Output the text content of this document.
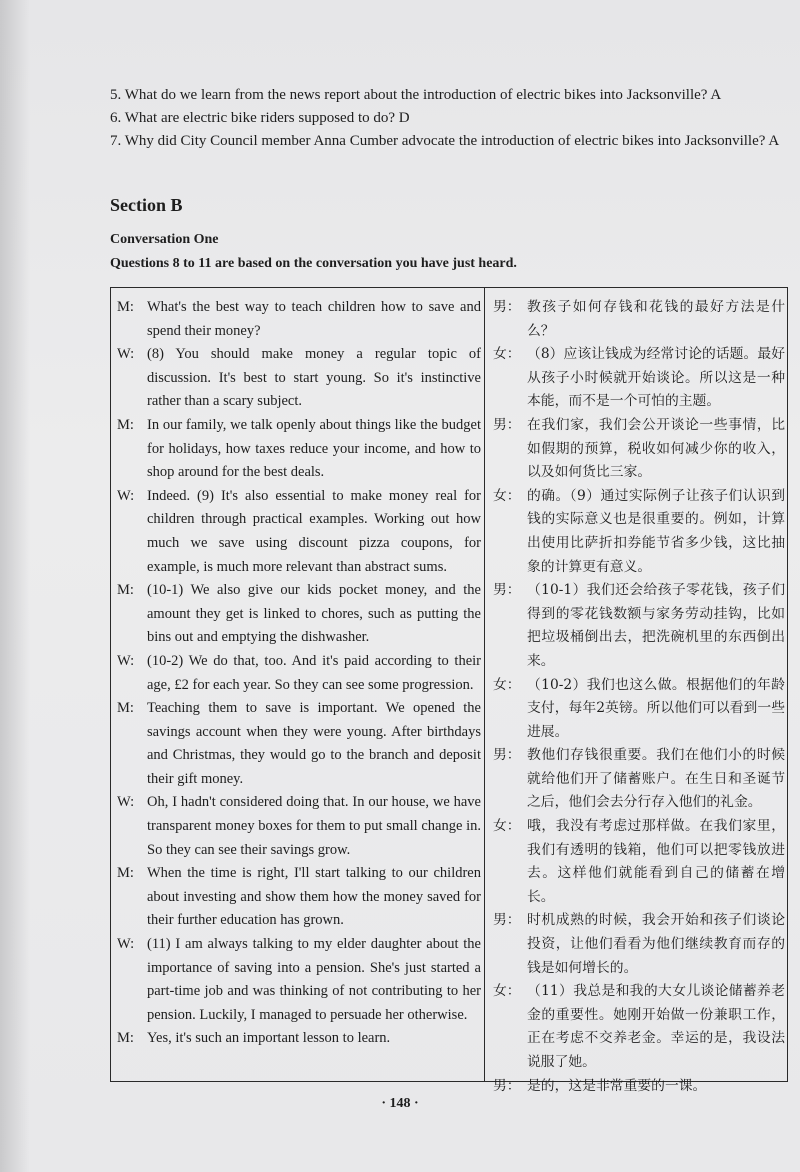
5. What do we learn from the news report about the introduction of electric bikes into Jacksonville? A
6. What are electric bike riders supposed to do? D
7. Why did City Council member Anna Cumber advocate the introduction of electric bikes into Jacksonville? A
Section B
Conversation One
Questions 8 to 11 are based on the conversation you have just heard.
M: What's the best way to teach children how to save and spend their money?
W: (8) You should make money a regular topic of discussion. It's best to start young. So it's instinctive rather than a scary subject.
M: In our family, we talk openly about things like the budget for holidays, how taxes reduce your income, and how to shop around for the best deals.
W: Indeed. (9) It's also essential to make money real for children through practical examples. Working out how much we save using discount pizza coupons, for example, is much more relevant than abstract sums.
M: (10-1) We also give our kids pocket money, and the amount they get is linked to chores, such as putting the bins out and emptying the dishwasher.
W: (10-2) We do that, too. And it's paid according to their age, £2 for each year. So they can see some progression.
M: Teaching them to save is important. We opened the savings account when they were young. After birthdays and Christmas, they would go to the branch and deposit their gift money.
W: Oh, I hadn't considered doing that. In our house, we have transparent money boxes for them to put small change in. So they can see their savings grow.
M: When the time is right, I'll start talking to our children about investing and show them how the money saved for their further education has grown.
W: (11) I am always talking to my elder daughter about the importance of saving into a pension. She's just started a part-time job and was thinking of not contributing to her pension. Luckily, I managed to persuade her otherwise.
M: Yes, it's such an important lesson to learn.
男： 教孩子如何存钱和花钱的最好方法是什么？
女： （8）应该让钱成为经常讨论的话题。最好从孩子小时候就开始谈论。所以这是一种本能，而不是一个可怕的主题。
男： 在我们家，我们会公开谈论一些事情，比如假期的预算，税收如何减少你的收入，以及如何货比三家。
女： 的确。（9）通过实际例子让孩子们认识到钱的实际意义也是很重要的。例如，计算出使用比萨折扣券能节省多少钱，这比抽象的计算更有意义。
男： （10-1）我们还会给孩子零花钱，孩子们得到的零花钱数额与家务劳动挂钩，比如把垃圾桶倒出去，把洗碗机里的东西倒出来。
女： （10-2）我们也这么做。根据他们的年龄支付，每年2英镑。所以他们可以看到一些进展。
男： 教他们存钱很重要。我们在他们小的时候就给他们开了储蓄账户。在生日和圣诞节之后，他们会去分行存入他们的礼金。
女： 哦，我没有考虑过那样做。在我们家里，我们有透明的钱箱，他们可以把零钱放进去。这样他们就能看到自己的储蓄在增长。
男： 时机成熟的时候，我会开始和孩子们谈论投资，让他们看看为他们继续教育而存的钱是如何增长的。
女： （11）我总是和我的大女儿谈论储蓄养老金的重要性。她刚开始做一份兼职工作，正在考虑不交养老金。幸运的是，我设法说服了她。
男： 是的，这是非常重要的一课。
· 148 ·
